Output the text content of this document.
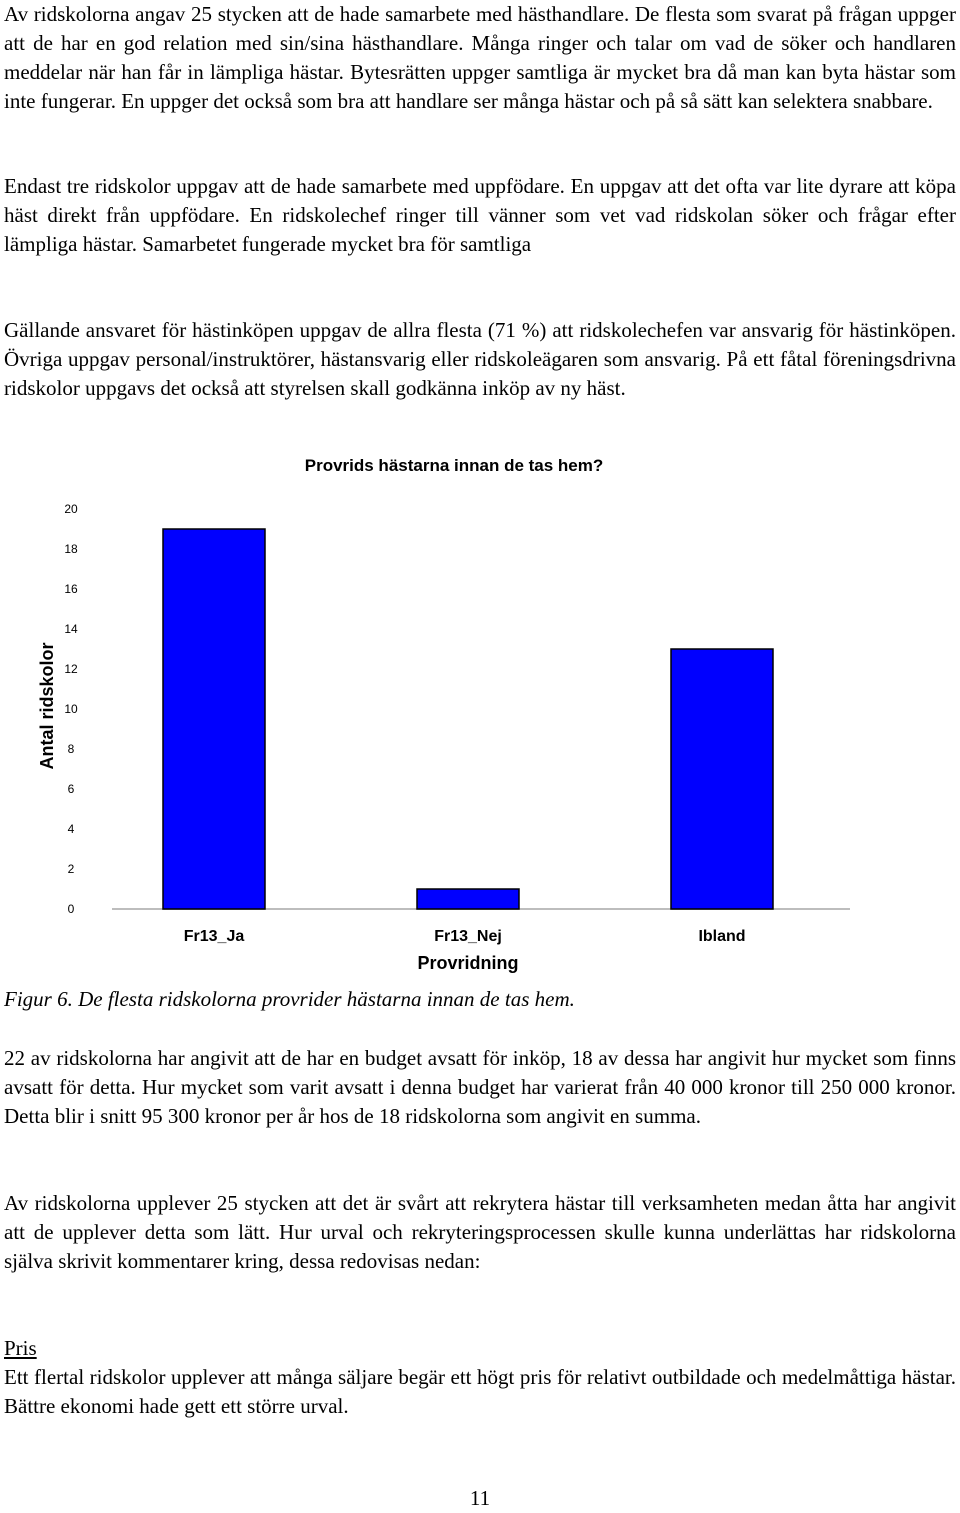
Av ridskolorna angav 25 stycken att de hade samarbete med hästhandlare. De flesta som svarat på frågan uppger att de har en god relation med sin/sina hästhandlare. Många ringer och talar om vad de söker och handlaren meddelar när han får in lämpliga hästar. Bytesrätten uppger samtliga är mycket bra då man kan byta hästar som inte fungerar. En uppger det också som bra att handlare ser många hästar och på så sätt kan selektera snabbare.

Endast tre ridskolor uppgav att de hade samarbete med uppfödare. En uppgav att det ofta var lite dyrare att köpa häst direkt från uppfödare. En ridskolechef ringer till vänner som vet vad ridskolan söker och frågar efter lämpliga hästar. Samarbetet fungerade mycket bra för samtliga

Gällande ansvaret för hästinköpen uppgav de allra flesta (71 %) att ridskolechefen var ansvarig för hästinköpen. Övriga uppgav personal/instruktörer, hästansvarig eller ridskoleägaren som ansvarig. På ett fåtal föreningsdrivna ridskolor uppgavs det också att styrelsen skall godkänna inköp av ny häst.

Provrids hästarna innan de tas hem?
Antal ridskolor
0
2
4
6
8
10
12
14
16
18
20
Fr13_Ja	Fr13_Nej	Ibland
Provridning

Figur 6. De flesta ridskolorna provrider hästarna innan de tas hem.

22 av ridskolorna har angivit att de har en budget avsatt för inköp, 18 av dessa har angivit hur mycket som finns avsatt för detta. Hur mycket som varit avsatt i denna budget har varierat från 40 000 kronor till 250 000 kronor. Detta blir i snitt 95 300 kronor per år hos de 18 ridskolorna som angivit en summa.

Av ridskolorna upplever 25 stycken att det är svårt att rekrytera hästar till verksamheten medan åtta har angivit att de upplever detta som lätt. Hur urval och rekryteringsprocessen skulle kunna underlättas har ridskolorna själva skrivit kommentarer kring, dessa redovisas nedan:

Pris

Ett flertal ridskolor upplever att många säljare begär ett högt pris för relativt outbildade och medelmåttiga hästar. Bättre ekonomi hade gett ett större urval.

11
